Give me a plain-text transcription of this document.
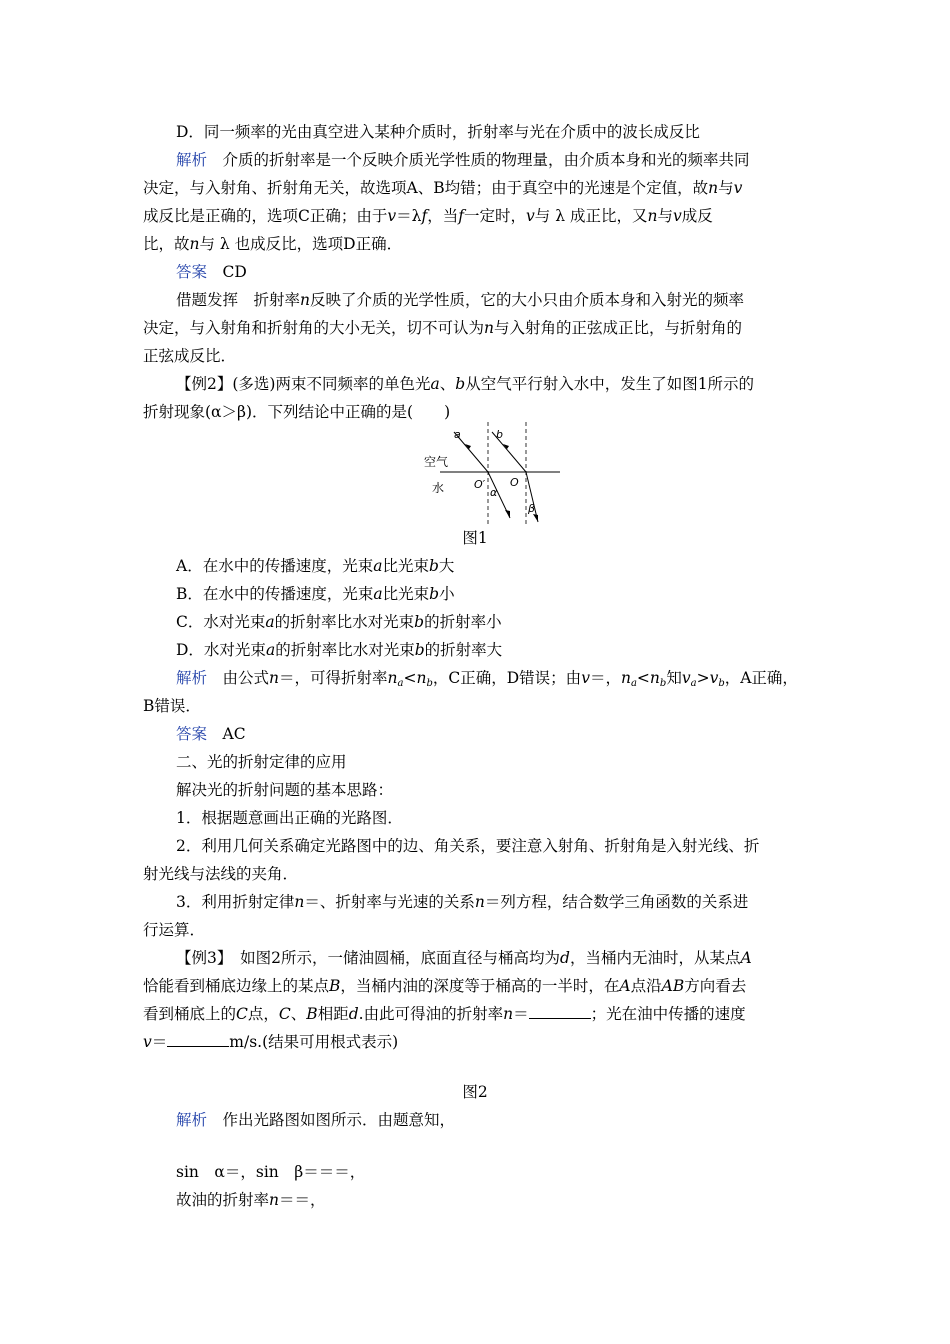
D．同一频率的光由真空进入某种介质时，折射率与光在介质中的波长成反比
解析　 介质的折射率是一个反映介质光学性质的物理量，由介质本身和光的频率共同
决定，与入射角、折射角无关，故选项A、B均错；由于真空中的光速是个定值，故n与v
成反比是正确的，选项C正确；由于v＝λf，当f一定时，v与 λ 成正比，又n与v成反
比，故n与 λ 也成反比，选项D正确．
答案　 CD
借题发挥　折射率n反映了介质的光学性质，它的大小只由介质本身和入射光的频率
决定，与入射角和折射角的大小无关，切不可认为n与入射角的正弦成正比，与折射角的
正弦成反比．
【例2】(多选)两束不同频率的单色光a、b从空气平行射入水中，发生了如图1所示的
折射现象(α＞β)．下列结论中正确的是(　　)
空气
水
a	b
O′ O
α
β
图1
A．在水中的传播速度，光束a比光束b大
B．在水中的传播速度，光束a比光束b小
C．水对光束a的折射率比水对光束b的折射率小
D．水对光束a的折射率比水对光束b的折射率大
解析　 由公式n＝，可得折射率na<nb，C正确，D错误；由v＝，na<nb知va>vb，A正确，
B错误．
答案　 AC
二、光的折射定律的应用
解决光的折射问题的基本思路：
1．根据题意画出正确的光路图．
2．利用几何关系确定光路图中的边、角关系，要注意入射角、折射角是入射光线、折
射光线与法线的夹角．
3．利用折射定律n＝、折射率与光速的关系n＝列方程，结合数学三角函数的关系进
行运算．
【例3】　 如图2所示，一储油圆桶，底面直径与桶高均为d，当桶内无油时，从某点A
恰能看到桶底边缘上的某点B，当桶内油的深度等于桶高的一半时，在A点沿AB方向看去
看到桶底上的C点，C、B相距d.由此可得油的折射率n＝	；光在油中传播的速度
v＝	m/s.(结果可用根式表示)
图2
解析　 作出光路图如图所示．由题意知，
sin　α＝，sin　β＝＝＝，
故油的折射率n＝＝，
